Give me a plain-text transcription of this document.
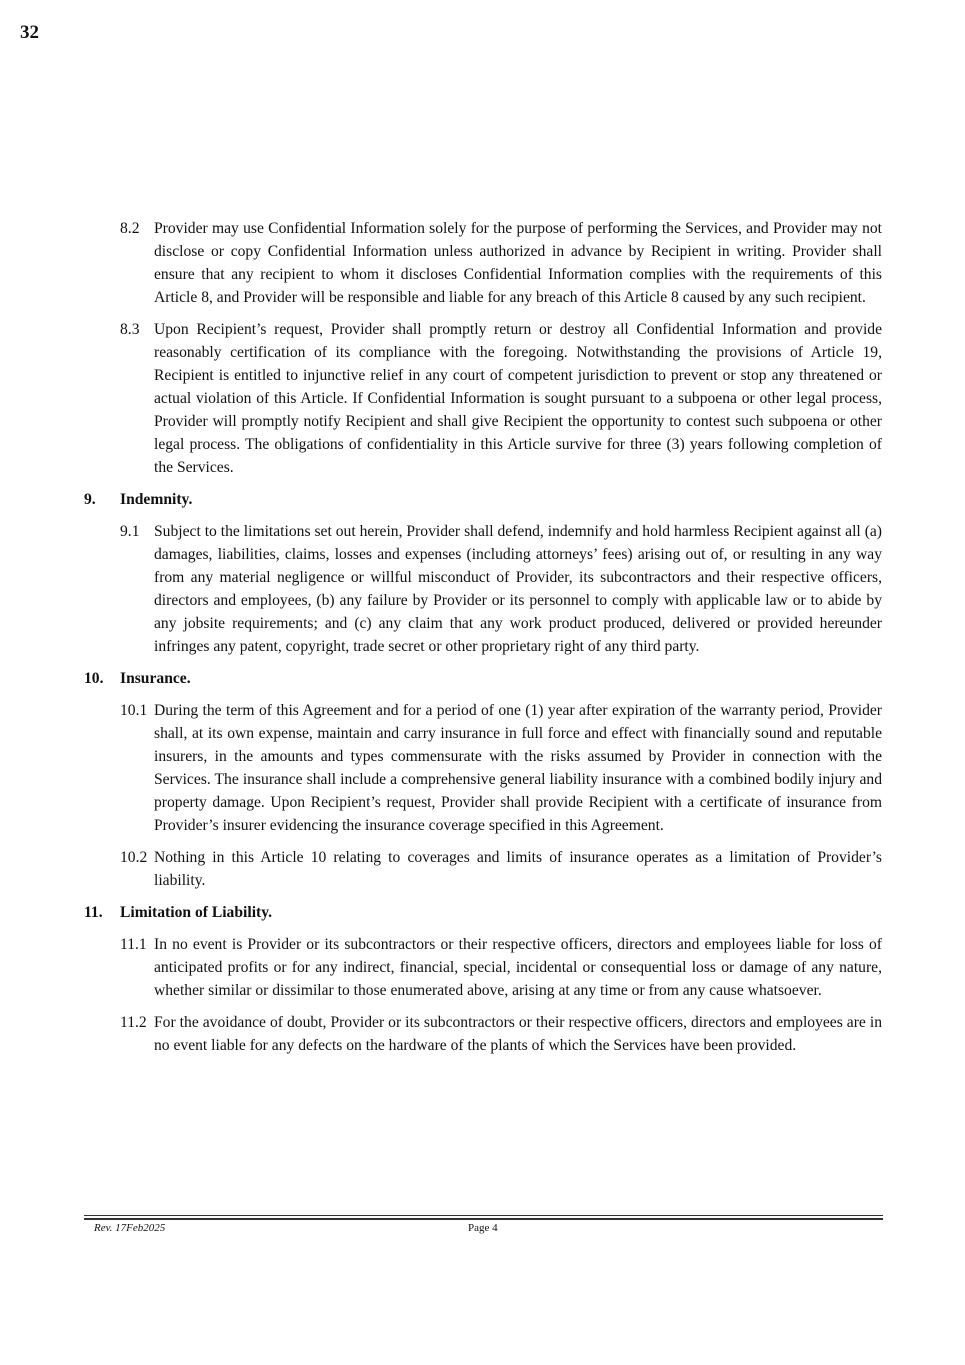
32
8.2 Provider may use Confidential Information solely for the purpose of performing the Services, and Provider may not disclose or copy Confidential Information unless authorized in advance by Recipient in writing. Provider shall ensure that any recipient to whom it discloses Confidential Information complies with the requirements of this Article 8, and Provider will be responsible and liable for any breach of this Article 8 caused by any such recipient.
8.3 Upon Recipient’s request, Provider shall promptly return or destroy all Confidential Information and provide reasonably certification of its compliance with the foregoing. Notwithstanding the provisions of Article 19, Recipient is entitled to injunctive relief in any court of competent jurisdiction to prevent or stop any threatened or actual violation of this Article. If Confidential Information is sought pursuant to a subpoena or other legal process, Provider will promptly notify Recipient and shall give Recipient the opportunity to contest such subpoena or other legal process. The obligations of confidentiality in this Article survive for three (3) years following completion of the Services.
9. Indemnity.
9.1 Subject to the limitations set out herein, Provider shall defend, indemnify and hold harmless Recipient against all (a) damages, liabilities, claims, losses and expenses (including attorneys’ fees) arising out of, or resulting in any way from any material negligence or willful misconduct of Provider, its subcontractors and their respective officers, directors and employees, (b) any failure by Provider or its personnel to comply with applicable law or to abide by any jobsite requirements; and (c) any claim that any work product produced, delivered or provided hereunder infringes any patent, copyright, trade secret or other proprietary right of any third party.
10. Insurance.
10.1 During the term of this Agreement and for a period of one (1) year after expiration of the warranty period, Provider shall, at its own expense, maintain and carry insurance in full force and effect with financially sound and reputable insurers, in the amounts and types commensurate with the risks assumed by Provider in connection with the Services. The insurance shall include a comprehensive general liability insurance with a combined bodily injury and property damage. Upon Recipient’s request, Provider shall provide Recipient with a certificate of insurance from Provider’s insurer evidencing the insurance coverage specified in this Agreement.
10.2 Nothing in this Article 10 relating to coverages and limits of insurance operates as a limitation of Provider’s liability.
11. Limitation of Liability.
11.1 In no event is Provider or its subcontractors or their respective officers, directors and employees liable for loss of anticipated profits or for any indirect, financial, special, incidental or consequential loss or damage of any nature, whether similar or dissimilar to those enumerated above, arising at any time or from any cause whatsoever.
11.2 For the avoidance of doubt, Provider or its subcontractors or their respective officers, directors and employees are in no event liable for any defects on the hardware of the plants of which the Services have been provided.
Rev. 17Feb2025	Page 4
